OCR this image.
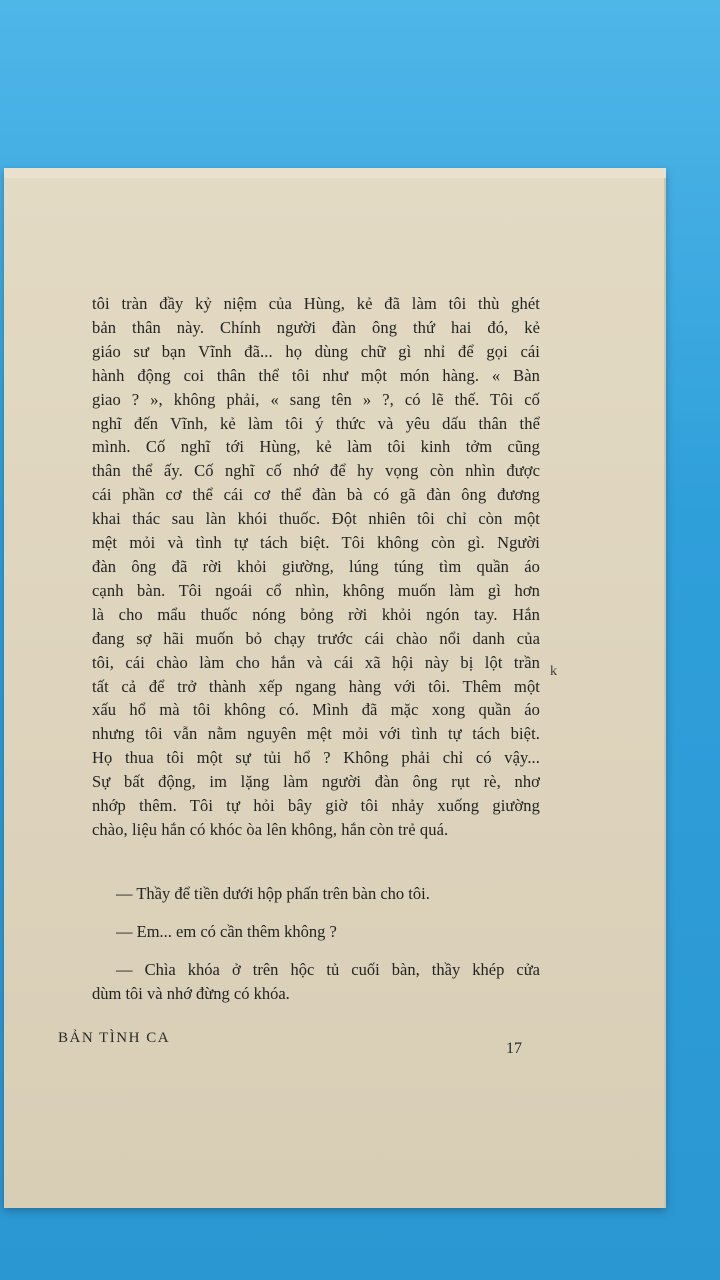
tôi tràn đầy kỷ niệm của Hùng, kẻ đã làm tôi thù ghét
bản thân này. Chính người đàn ông thứ hai đó, kẻ
giáo sư bạn Vĩnh đã... họ dùng chữ gì nhỉ để gọi cái
hành động coi thân thể tôi như một món hàng. « Bàn
giao ? », không phải, « sang tên » ?, có lẽ thế. Tôi cố
nghĩ đến Vĩnh, kẻ làm tôi ý thức và yêu dấu thân thể
mình. Cố nghĩ tới Hùng, kẻ làm tôi kinh tởm cũng
thân thể ấy. Cố nghĩ cố nhớ để hy vọng còn nhìn được
cái phần cơ thể cái cơ thể đàn bà có gã đàn ông đương
khai thác sau làn khói thuốc. Đột nhiên tôi chỉ còn một
mệt mỏi và tình tự tách biệt. Tôi không còn gì. Người
đàn ông đã rời khỏi giường, lúng túng tìm quần áo
cạnh bàn. Tôi ngoái cổ nhìn, không muốn làm gì hơn
là cho mẩu thuốc nóng bỏng rời khỏi ngón tay. Hắn
đang sợ hãi muốn bỏ chạy trước cái chào nổi danh của
tôi, cái chào làm cho hắn và cái xã hội này bị lột trần
tất cả để trở thành xếp ngang hàng với tôi. Thêm một
xấu hổ mà tôi không có. Mình đã mặc xong quần áo
nhưng tôi vẫn nằm nguyên mệt mỏi với tình tự tách biệt.
Họ thua tôi một sự tủi hổ ? Không phải chỉ có vậy...
Sự bất động, im lặng làm người đàn ông rụt rè, nhơ
nhớp thêm. Tôi tự hỏi bây giờ tôi nhảy xuống giường
chào, liệu hắn có khóc òa lên không, hắn còn trẻ quá.
— Thầy để tiền dưới hộp phấn trên bàn cho tôi.
— Em... em có cần thêm không ?
— Chìa khóa ở trên hộc tủ cuối bàn, thầy khép cửa
dùm tôi và nhớ đừng có khóa.
BẢN TÌNH CA
17
k
